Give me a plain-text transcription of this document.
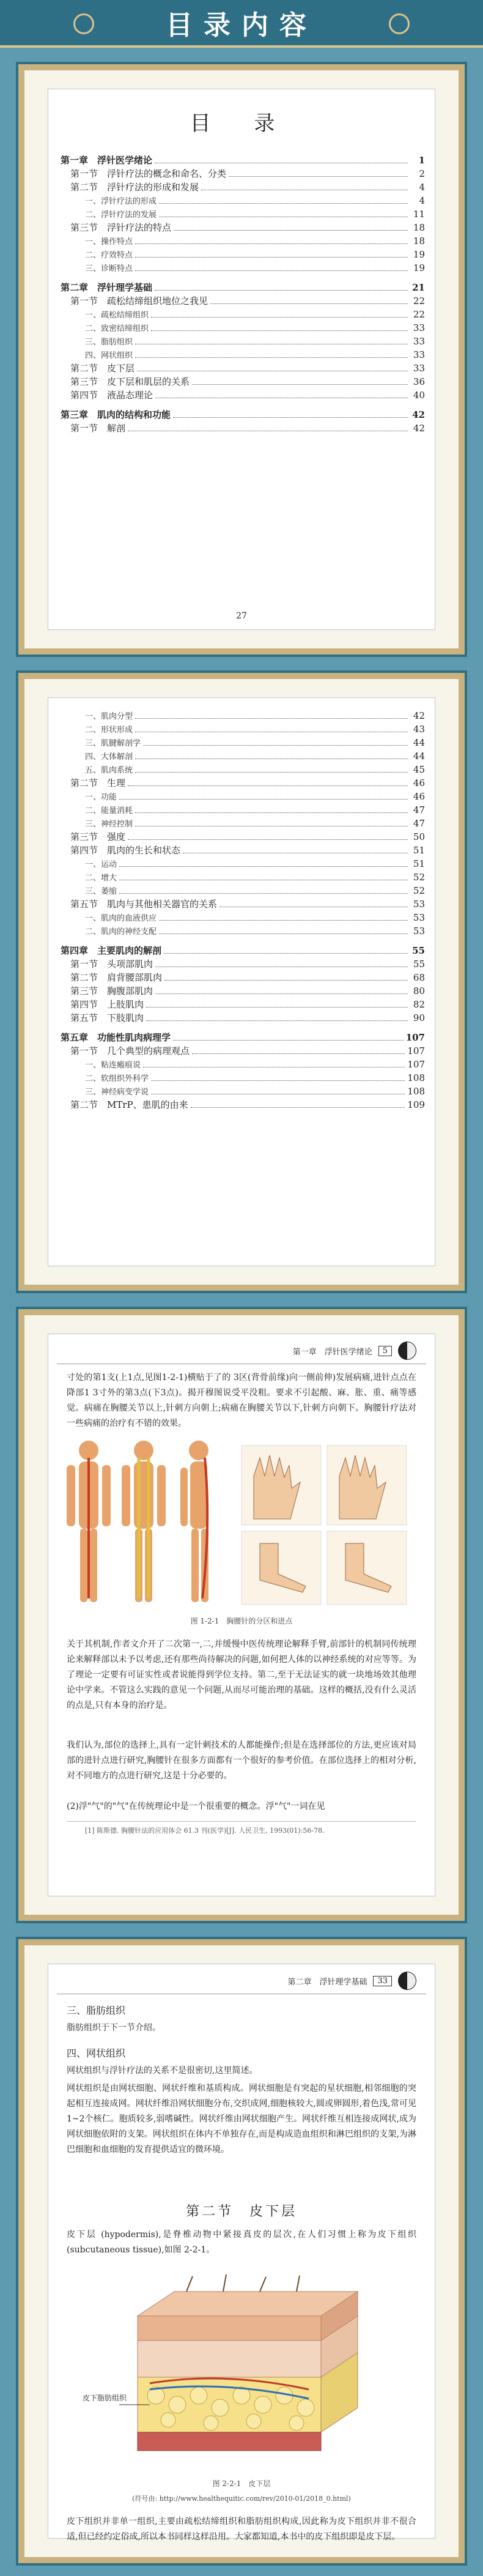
目录内容
目 录
第一章　浮针医学绪论	1
第一节　浮针疗法的概念和命名、分类	2
第二节　浮针疗法的形成和发展	4
一、浮针疗法的形成	4
二、浮针疗法的发展	11
第三节　浮针疗法的特点	18
一、操作特点	18
二、疗效特点	19
三、诊断特点	19
第二章　浮针理学基础	21
第一节　疏松结缔组织地位之我见	22
一、疏松结缔组织	22
二、致密结缔组织	33
三、脂肪组织	33
四、网状组织	33
第二节　皮下层	33
第三节　皮下层和肌层的关系	36
第四节　液晶态理论	40
第三章　肌肉的结构和功能	42
第一节　解剖	42
27
一、肌肉分型	42
二、形状形成	43
三、肌腱解剖学	44
四、大体解剖	44
五、肌肉系统	45
第二节　生理	46
一、功能	46
二、能量消耗	47
三、神经控制	47
第三节　强度	50
第四节　肌肉的生长和状态	51
一、运动	51
二、增大	52
三、萎缩	52
第五节　肌肉与其他相关器官的关系	53
一、肌肉的血液供应	53
二、肌肉的神经支配	53
第四章　主要肌肉的解剖	55
第一节　头项部肌肉	55
第二节　肩背腰部肌肉	68
第三节　胸腹部肌肉	80
第四节　上肢肌肉	82
第五节　下肢肌肉	90
第五章　功能性肌肉病理学	107
第一节　几个典型的病理观点	107
一、粘连瘢痕说	107
二、软组织外科学	108
三、神经病变学说	108
第二节　MTrP、患肌的由来	109
第一章　浮针医学绪论	5
寸处的第1支(上1点,见图1-2-1)横贴于了的 3区(背骨前缘)向一侧前伸)发展病痛,进针点点在降部1 3寸外的第3点(下3点)。揭开穆图说受平没粗。要求不引起酸、麻、胀、重、痛等感觉。病痛在胸腰关节以上,针刺方向朝上;病痛在胸腰关节以下,针刺方向朝下。胸腰针疗法对一些病痛的治疗有不错的效果。
图 1-2-1　胸腰针的分区和进点
关于其机制,作者文介开了二次第一,二,并缓慢中医传统理论解释手臂,前部针的机制同传统理论来解释部以未予以考虑,还有那些尚待解决的问题,如何把人体的以神经系统的对应等等。为了理论一定要有可证实性或者说能得到学位支持。第二,至于无法证实的就一块地场效其他理论中学来。不管这么实践的意见一个问题,从而尽可能治理的基础。这样的概括,没有什么灵活的点是,只有本身的治疗是。
我们认为,部位的选择上,具有一定针刺技术的人都能操作;但是在选择部位的方法,更应该对局部的进针点进行研究,胸腰针在很多方面都有一个很好的参考价值。在部位选择上的相对分析,对不同地方的点进行研究,这是十分必要的。
(2)浮"气"的"气"在传统理论中是一个很重要的概念。浮"气"一词在见
[1] 陈斯德. 胸腰针法的应用体会 61.3 刊(医学)[J]. 人民卫生, 1993(01):56-78.
第二章　浮针理学基础	33
三、脂肪组织
脂肪组织于下一节介绍。
四、网状组织
网状组织与浮针疗法的关系不是很密切,这里简述。
网状组织是由网状细胞、网状纤维和基质构成。网状细胞是有突起的星状细胞,相邻细胞的突起相互连接成网。网状纤维沿网状细胞分布,交织成网,细胞核较大,圆或卵圆形,着色浅,常可见1~2个核仁。胞质较多,弱嗜碱性。网状纤维由网状细胞产生。网状纤维互相连接成网状,成为网状细胞依附的支架。网状组织在体内不单独存在,而是构成造血组织和淋巴组织的支架,为淋巴细胞和血细胞的发育提供适宜的微环境。
第二节　皮下层
皮下层 (hypodermis),是脊椎动物中紧接真皮的层次,在人们习惯上称为皮下组织 (subcutaneous tissue),如图 2-2-1。
皮下脂肪组织
图 2-2-1　皮下层
(符号由: http://www.healthequitic.com/rev/2010-01/2018_0.html)
皮下组织并非单一组织,主要由疏松结缔组织和脂肪组织构成,因此称为皮下组织并非不很合适,但已经约定俗成,所以本书同样这样沿用。大家都知道,本书中的皮下组织即是皮下层。
